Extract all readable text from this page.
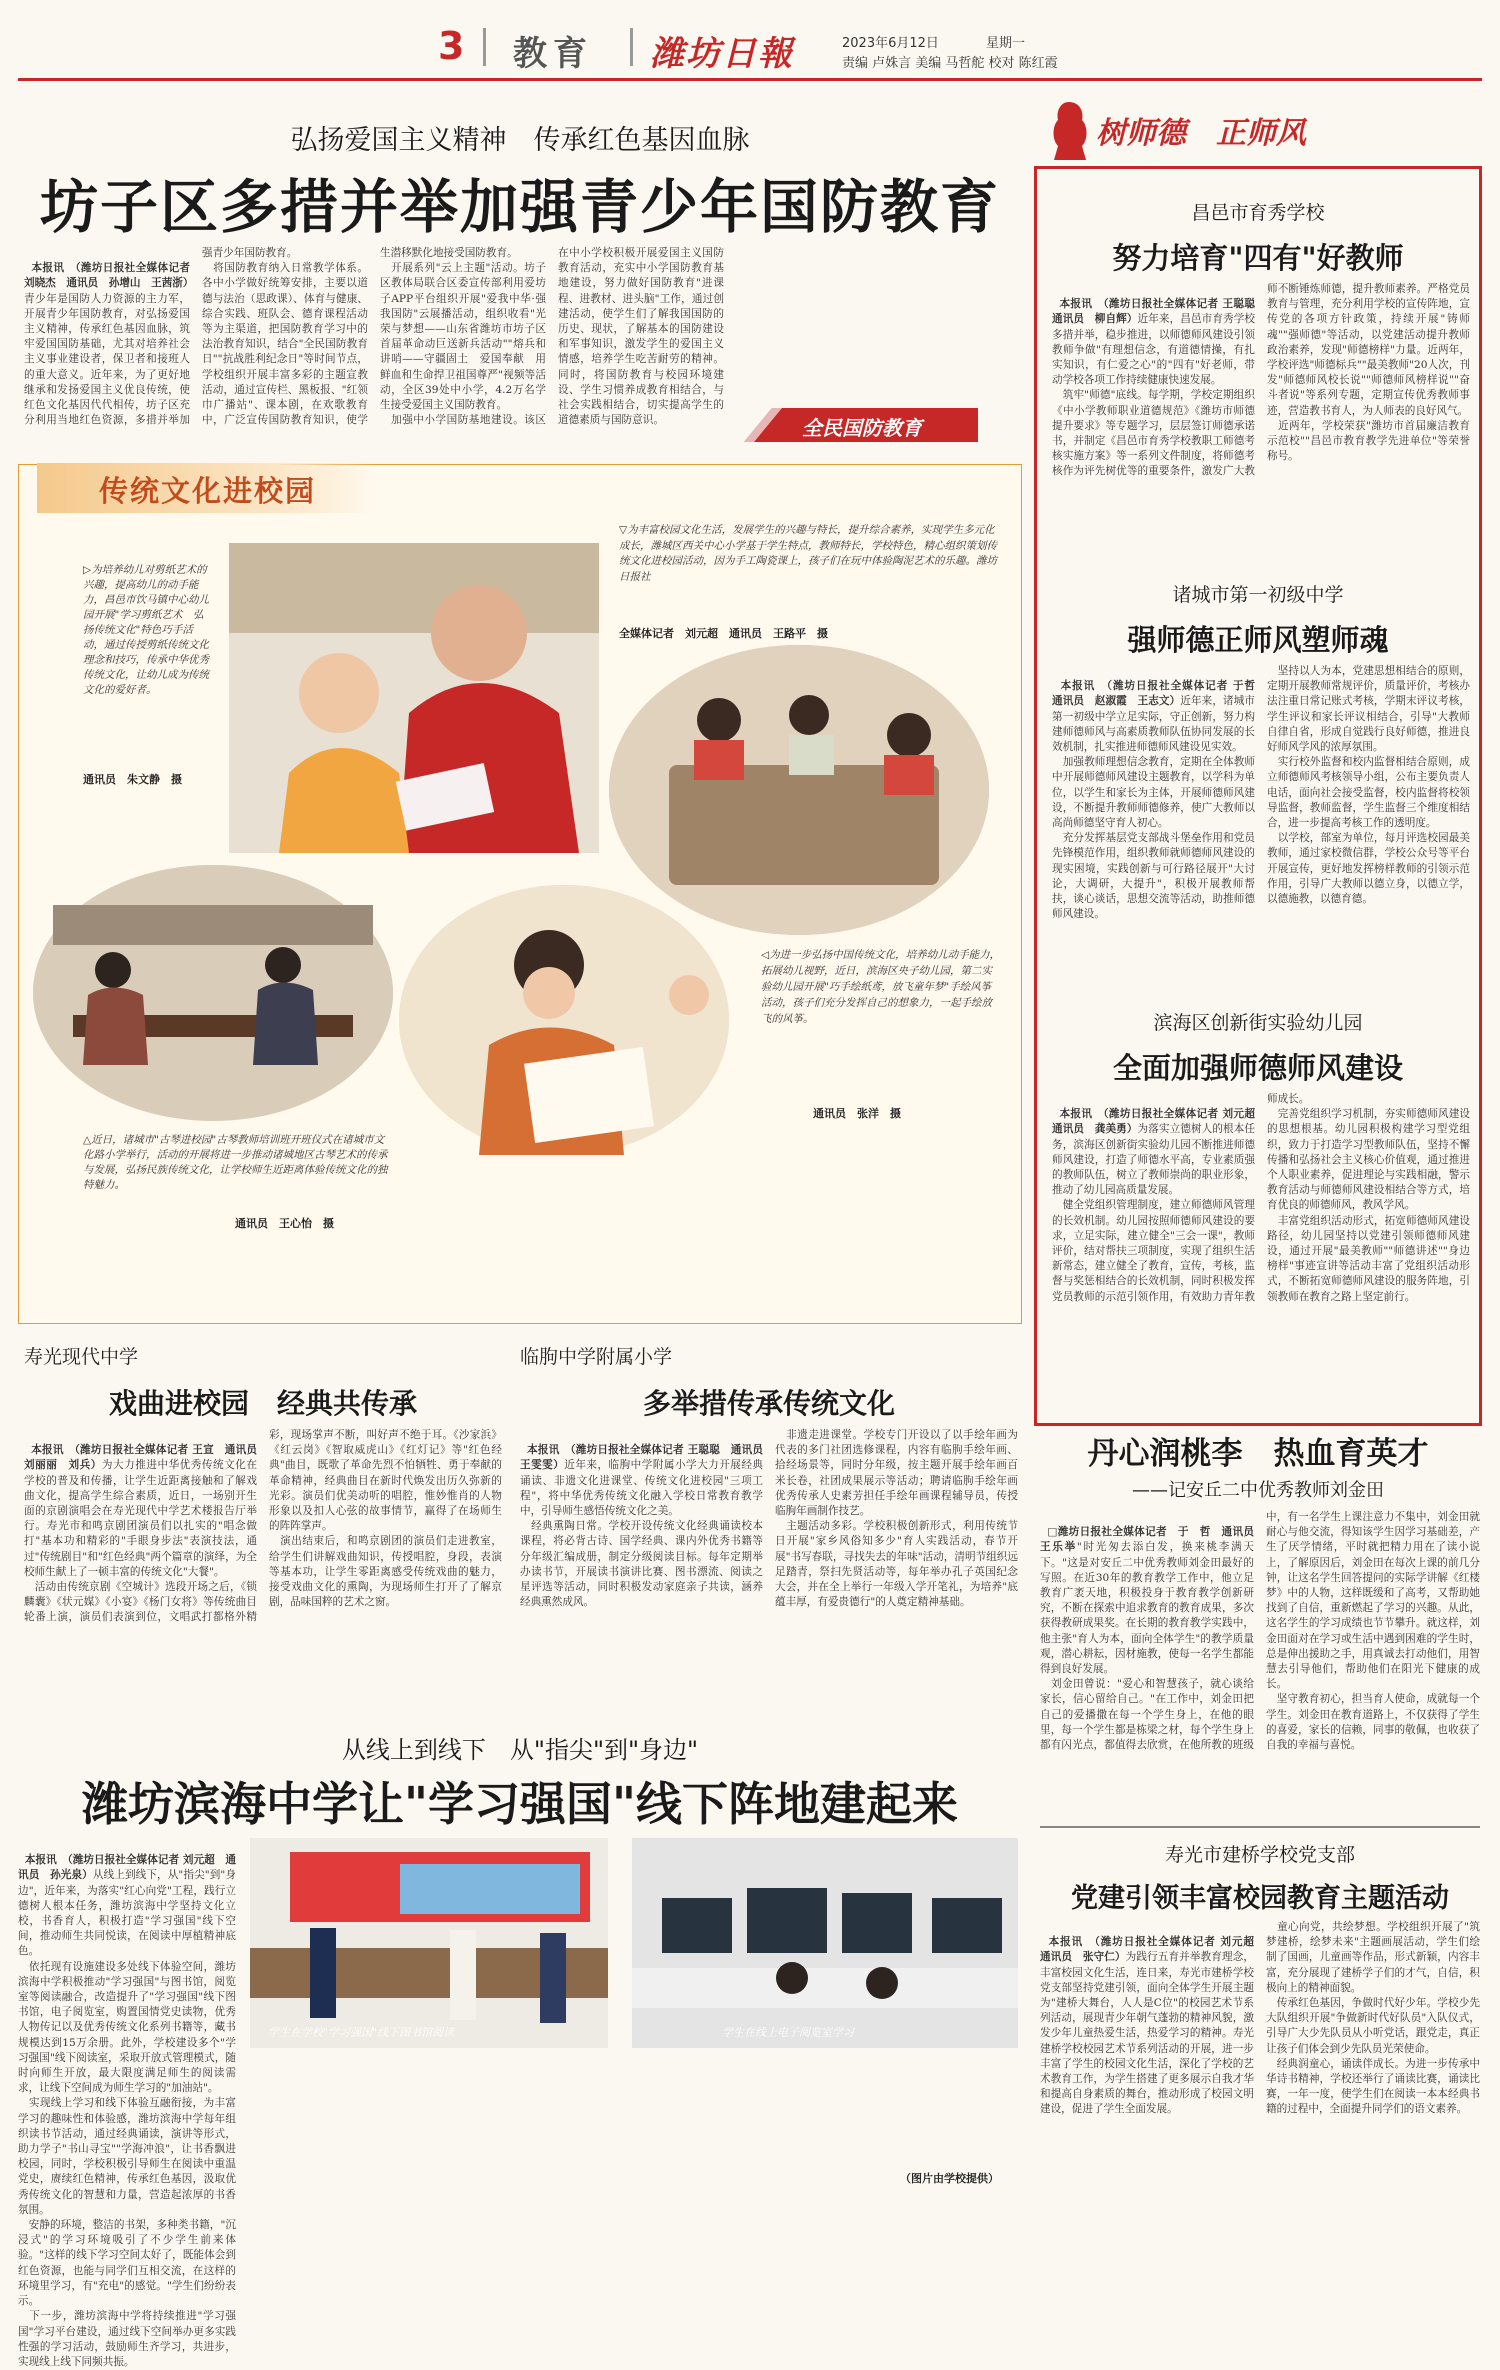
3 教育 潍坊日報	2023年6月12日	星期一
责编 卢姝言 美编 马哲舵 校对 陈红霞
弘扬爱国主义精神　传承红色基因血脉
坊子区多措并举加强青少年国防教育

本报讯　（潍坊日报社全媒体记者 刘晓杰　通讯员　孙增山　王茜浙）青少年是国防人力资源的主力军，开展青少年国防教育，对弘扬爱国主义精神，传承红色基因血脉，筑牢爱国国防基础，尤其对培养社会主义事业建设者，保卫者和接班人的重大意义。近年来，为了更好地继承和发扬爱国主义优良传统，使红色文化基因代代相传，坊子区充分利用当地红色资源，多措并举加强青少年国防教育。
　将国防教育纳入日常教学体系。各中小学做好统筹安排，主要以道德与法治（思政课）、体育与健康、综合实践、班队会、德育课程活动等为主渠道，把国防教育学习中的法治教育知识，结合"全民国防教育日""抗战胜利纪念日"等时间节点，学校组织开展丰富多彩的主题宣教活动，通过宣传栏、黑板报、"红领巾广播站"、课本剧，在欢歌教育中，广泛宣传国防教育知识，使学生潜移默化地接受国防教育。
　开展系列"云上主题"活动。坊子区教体局联合区委宣传部利用爱坊子APP平台组织开展"爱我中华·强我国防"云展播活动，组织收看"光荣与梦想——山东省潍坊市坊子区首届革命动巨送新兵活动""熔兵和讲哨——守疆固土　爱国奉献　用鲜血和生命捍卫祖国尊严"视频等活动，全区39处中小学，4.2万名学生接受爱国主义国防教育。
　加强中小学国防基地建设。该区在中小学校积极开展爱国主义国防教育活动，充实中小学国防教育基地建设，努力做好国防教育"进课程、进教材、进头脑"工作，通过创建活动，使学生们了解我国国防的历史、现状，了解基本的国防建设和军事知识，激发学生的爱国主义情感，培养学生吃苦耐劳的精神。同时，将国防教育与校园环境建设、学生习惯养成教育相结合，与社会实践相结合，切实提高学生的道德素质与国防意识。	全民国防教育
传统文化进校园
▷为培养幼儿对剪纸艺术的兴趣，提高幼儿的动手能力，昌邑市饮马镇中心幼儿园开展"学习剪纸艺术　弘扬传统文化"特色巧手活动，通过传授剪纸传统文化理念和技巧，传承中华优秀传统文化，让幼儿成为传统文化的爱好者。
通讯员　朱文静　摄
▽为丰富校园文化生活，发展学生的兴趣与特长，提升综合素养，实现学生多元化成长，潍城区西关中心小学基于学生特点，教师特长，学校特色，精心组织策划传统文化进校园活动，因为手工陶瓷课上，孩子们在玩中体验陶泥艺术的乐趣。潍坊日报社
全媒体记者　刘元超　通讯员　王路平　摄
◁为进一步弘扬中国传统文化，培养幼儿动手能力，拓展幼儿视野，近日，滨海区央子幼儿园，第二实验幼儿园开展"巧手绘纸鸢，放飞童年梦"手绘风筝活动，孩子们充分发挥自己的想象力，一起手绘放飞的风筝。
通讯员　张洋　摄
△近日，诸城市"古琴进校园"古琴教师培训班开班仪式在诸城市文化路小学举行，活动的开展将进一步推动诸城地区古琴艺术的传承与发展，弘扬民族传统文化，让学校师生近距离体验传统文化的独特魅力。
通讯员　王心怡　摄
寿光现代中学
戏曲进校园　经典共传承

本报讯　（潍坊日报社全媒体记者 王宣　通讯员　刘丽丽　刘兵）为大力推进中华优秀传统文化在学校的普及和传播，让学生近距离接触和了解戏曲文化，提高学生综合素质，近日，一场别开生面的京剧演唱会在寿光现代中学艺术楼报告厅举行。寿光市和鸣京剧团演员们以扎实的"唱念做打"基本功和精彩的"手眼身步法"表演技法，通过"传统剧目"和"红色经典"两个篇章的演绎，为全校师生献上了一顿丰富的传统文化"大餐"。
　活动由传统京剧《空城计》选段开场之后，《锁麟囊》《状元媒》《小宴》《杨门女将》等传统曲目轮番上演，演员们表演到位，文唱武打都格外精彩，现场掌声不断，叫好声不绝于耳。《沙家浜》《红云岗》《智取威虎山》《红灯记》等"红色经典"曲目，既歌了革命先烈不怕牺牲、勇于奉献的革命精神，经典曲目在新时代焕发出历久弥新的光彩。演员们优美动听的唱腔，惟妙惟肖的人物形象以及扣人心弦的故事情节，赢得了在场师生的阵阵掌声。
　演出结束后，和鸣京剧团的演员们走进教室，给学生们讲解戏曲知识，传授唱腔，身段，表演等基本功，让学生零距离感受传统戏曲的魅力，接受戏曲文化的熏陶，为现场师生打开了了解京剧，品味国粹的艺术之窗。

临朐中学附属小学
多举措传承传统文化

本报讯　（潍坊日报社全媒体记者 王聪聪　通讯员　王雯雯）近年来，临朐中学附属小学大力开展经典诵读、非遗文化进课堂、传统文化进校园"三项工程"，将中华优秀传统文化融入学校日常教育教学中，引导师生感悟传统文化之美。
　经典熏陶日常。学校开设传统文化经典诵读校本课程，将必背古诗、国学经典、课内外优秀书籍等分年级汇编成册，制定分级阅读目标。每年定期举办读书节，开展读书演讲比赛、图书漂流、阅读之星评选等活动，同时积极发动家庭亲子共读，涵养经典熏然成风。
　非遗走进课堂。学校专门开设以了以手绘年画为代表的多门社团选修课程，内容有临朐手绘年画、拾经场景等，同时分年级，按主题开展手绘年画百米长卷，社团成果展示等活动；聘请临朐手绘年画优秀传承人史素芳担任手绘年画课程辅导员，传授临朐年画制作技艺。
　主题活动多彩。学校积极创新形式，利用传统节日开展"家乡风俗知多少"育人实践活动，春节开展"书写春联，寻找失去的年味"活动，清明节组织远足踏青，祭扫先贤活动等，每年举办孔子英国纪念大会，并在全上举行一年级入学开笔礼，为培养"底蕴丰厚，有爱贵德行"的人奠定精神基础。

从线上到线下　从"指尖"到"身边"
潍坊滨海中学让"学习强国"线下阵地建起来

本报讯　（潍坊日报社全媒体记者 刘元超　通讯员　孙光泉）从线上到线下，从"指尖"到"身边"，近年来，为落实"红心向党"工程，践行立德树人根本任务，潍坊滨海中学坚持文化立校，书香育人，积极打造"学习强国"线下空间，推动师生共同悦读，在阅读中厚植精神底色。
　依托现有设施建设多处线下体验空间，潍坊滨海中学积极推动"学习强国"与图书馆，阅览室等阅读融合，改造提升了"学习强国"线下图书馆，电子阅览室，购置国情党史读物，优秀人物传记以及优秀传统文化系列书籍等，藏书规模达到15万余册。此外，学校建设多个"学习强国"线下阅读室，采取开放式管理模式，随时向师生开放，最大限度满足师生的阅读需求，让线下空间成为师生学习的"加油站"。
　实现线上学习和线下体验互融衔接，为丰富学习的趣味性和体验感，潍坊滨海中学每年组织读书节活动，通过经典诵读，演讲等形式，助力学子"书山寻宝""学海冲浪"，让书香飘进校园，同时，学校积极引导师生在阅读中重温党史，赓续红色精神，传承红色基因，汲取优秀传统文化的智慧和力量，营造起浓厚的书香氛围。
　安静的环境，整洁的书架，多种类书籍，"沉浸式"的学习环境吸引了不少学生前来体验。"这样的线下学习空间太好了，既能体会到红色资源，也能与同学们互相交流，在这样的环境里学习，有"充电"的感觉。"学生们纷纷表示。
　下一步，潍坊滨海中学将持续推进"学习强国"学习平台建设，通过线下空间举办更多实践性强的学习活动，鼓励师生齐学习，共进步，实现线上线下同频共振。

学生在学校"学习强国"线下图书馆阅读	学生在线上电子阅览室学习

（图片由学校提供）
树师德 正师风
昌邑市育秀学校
努力培育"四有"好教师

本报讯　（潍坊日报社全媒体记者 王聪聪　通讯员　柳自辉）近年来，昌邑市育秀学校多措并举，稳步推进，以师德师风建设引领教师争做"有理想信念，有道德情操，有扎实知识，有仁爱之心"的"四有"好老师，带动学校各项工作持续健康快速发展。
　筑牢"师德"底线。每学期，学校定期组织《中小学教师职业道德规范》《潍坊市师德提升要求》等专题学习，层层签订师德承诺书，并制定《昌邑市育秀学校教职工师德考核实施方案》等一系列文件制度，将师德考核作为评先树优等的重要条件，激发广大教师不断锤炼师德，提升教师素养。严格党员教育与管理，充分利用学校的宣传阵地，宣传党的各项方针政策，持续开展"铸师魂""强师德"等活动，以党建活动提升教师政治素养，发现"师德榜样"力量。近两年，学校评选"师德标兵""最美教师"20人次，刊发"师德师风校长说""师德师风榜样说""奋斗者说"等系列专题，定期宣传优秀教师事迹，营造教书育人，为人师表的良好风气。
　近两年，学校荣获"潍坊市首届廉洁教育示范校""昌邑市教育教学先进单位"等荣誉称号。

诸城市第一初级中学
强师德正师风塑师魂

本报讯　（潍坊日报社全媒体记者 于哲　通讯员　赵淑霞　王志文）近年来，诸城市第一初级中学立足实际，守正创新，努力构建师德师风与高素质教师队伍协同发展的长效机制，扎实推进师德师风建设见实效。
　加强教师理想信念教育，定期在全体教师中开展师德师风建设主题教育，以学科为单位，以学生和家长为主体，开展师德师风建设，不断提升教师师德修养，使广大教师以高尚师德坚守育人初心。
　充分发挥基层党支部战斗堡垒作用和党员先锋模范作用，组织教师就师德师风建设的现实困境，实践创新与可行路径展开"大讨论，大调研，大提升"，积极开展教师帮扶，谈心谈话，思想交流等活动，助推师德师风建设。
　坚持以人为本，党建思想相结合的原则，定期开展教师常规评价，质量评价，考核办法注重日常记账式考核，学期末评议考核，学生评议和家长评议相结合，引导"大教师自律自省，形成自觉践行良好师德，推进良好师风学风的浓厚氛围。
　实行校外监督和校内监督相结合原则，成立师德师风考核领导小组，公布主要负责人电话，面向社会接受监督，校内监督将校领导监督，教师监督，学生监督三个维度相结合，进一步提高考核工作的透明度。
　以学校，部室为单位，每月评选校园最美教师，通过家校微信群，学校公众号等平台开展宣传，更好地发挥榜样教师的引领示范作用，引导广大教师以德立身，以德立学，以德施教，以德育德。

滨海区创新街实验幼儿园
全面加强师德师风建设

本报讯　（潍坊日报社全媒体记者 刘元超　通讯员　龚美勇）为落实立德树人的根本任务，滨海区创新街实验幼儿园不断推进师德师风建设，打造了师德水平高，专业素质强的教师队伍，树立了教师崇尚的职业形象，推动了幼儿园高质量发展。
　健全党组织管理制度，建立师德师风管理的长效机制。幼儿园按照师德师风建设的要求，立足实际，建立健全"三会一课"，教师评价，结对帮扶三项制度，实现了组织生活新常态，建立健全了教育，宣传，考核，监督与奖惩相结合的长效机制，同时积极发挥党员教师的示范引领作用，有效助力青年教师成长。
　完善党组织学习机制，夯实师德师风建设的思想根基。幼儿园积极构建学习型党组织，致力于打造学习型教师队伍，坚持不懈传播和弘扬社会主义核心价值观，通过推进个人职业素养，促进理论与实践相融，警示教育活动与师德师风建设相结合等方式，培育优良的师德师风，教风学风。
　丰富党组织活动形式，拓宽师德师风建设路径，幼儿园坚持以党建引领师德师风建设，通过开展"最美教师""师德讲述""身边榜样"事迹宣讲等活动丰富了党组织活动形式，不断拓宽师德师风建设的服务阵地，引领教师在教育之路上坚定前行。

丹心润桃李　热血育英才
——记安丘二中优秀教师刘金田

□潍坊日报社全媒体记者　于　哲　通讯员　王乐举"时光匆去添白发，换来桃李满天下。"这是对安丘二中优秀教师刘金田最好的写照。在近30年的教育教学工作中，他立足教育广袤天地，积极投身于教育教学创新研究，不断在探索中追求教育的教育成果，多次获得教研成果奖。在长期的教育教学实践中，他主张"育人为本，面向全体学生"的教学质量观，潜心耕耘，因材施教，使每一名学生都能得到良好发展。
　刘金田曾说："爱心和智慧孩子，就心谈给家长，信心留给自己。"在工作中，刘金田把自己的爱播撒在每一个学生身上，在他的眼里，每一个学生都是栋梁之材，每个学生身上都有闪光点，都值得去欣赏，在他所教的班级中，有一名学生上课注意力不集中，刘金田就耐心与他交流，得知该学生因学习基础差，产生了厌学情绪，平时就把精力用在了读小说上，了解原因后，刘金田在每次上课的前几分钟，让这名学生回答提问的实际学讲解《红楼梦》中的人物，这样既缓和了高考，又帮助她找到了自信，重新燃起了学习的兴趣。从此，这名学生的学习成绩也节节攀升。就这样，刘金田面对在学习或生活中遇到困难的学生时，总是伸出援助之手，用真诚去打动他们，用智慧去引导他们，帮助他们在阳光下健康的成长。
　坚守教育初心，担当育人使命，成就每一个学生。刘金田在教育道路上，不仅获得了学生的喜爱，家长的信赖，同事的敬佩，也收获了自我的幸福与喜悦。

寿光市建桥学校党支部
党建引领丰富校园教育主题活动

本报讯　（潍坊日报社全媒体记者 刘元超　通讯员　张守仁）为践行五育并举教育理念，丰富校园文化生活，连日来，寿光市建桥学校党支部坚持党建引领，面向全体学生开展主题为"建桥大舞台，人人是C位"的校园艺术节系列活动，展现青少年朝气蓬勃的精神风貌，激发少年儿童热爱生活，热爱学习的精神。寿光建桥学校校园艺术节系列活动的开展，进一步丰富了学生的校园文化生活，深化了学校的艺术教育工作，为学生搭建了更多展示自我才华和提高自身素质的舞台，推动形成了校园文明建设，促进了学生全面发展。
　童心向党，共绘梦想。学校组织开展了"筑梦建桥，绘梦未来"主题画展活动，学生们绘制了国画，儿童画等作品，形式新颖，内容丰富，充分展现了建桥学子们的才气，自信，积极向上的精神面貌。
　传承红色基因，争做时代好少年。学校少先大队组织开展"争做新时代好队员"入队仪式，引导广大少先队员从小听党话，跟党走，真正让孩子们体会到少先队员光荣使命。
　经典润童心，诵读伴成长。为进一步传承中华诗书精神，学校还举行了诵读比赛，诵读比赛，一年一度，使学生们在阅读一本本经典书籍的过程中，全面提升同学们的语文素养。
